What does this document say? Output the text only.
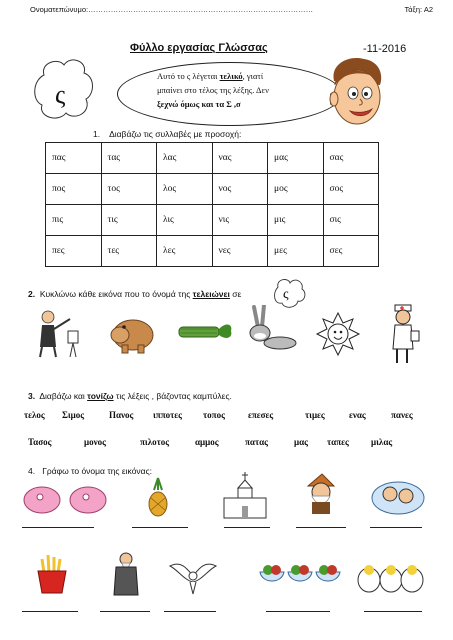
Ονοματεπώνυμο:………………………………………………………………………………	Τάξη: Α2
Φύλλο εργασίας Γλώσσας	-11-2016
ς
Αυτό το ς λέγεται τελικό, γιατί
μπαίνει στο τέλος της λέξης. Δεν
ξεχνώ όμως και τα Σ ,σ
1. Διαβάζω τις συλλαβές με προσοχή:
πας	τας	λας	νας	μας	σας
πος	τος	λος	νος	μος	σος
πις	τις	λις	νις	μις	σις
πες	τες	λες	νες	μες	σες
2. Κυκλώνω κάθε εικόνα που το όνομά της τελειώνει σε	ς
3. Διαβάζω και τονίζω τις λέξεις , βάζοντας καμπύλες.
τελος Σιμος	Πανος ιπποτες τοπος	επεσες	τιμες	ενας	πανες
Τασος	μονος	πιλοτος	αμμος	πατας	μας ταπες μιλας
4. Γράφω το όνομα της εικόνας:
